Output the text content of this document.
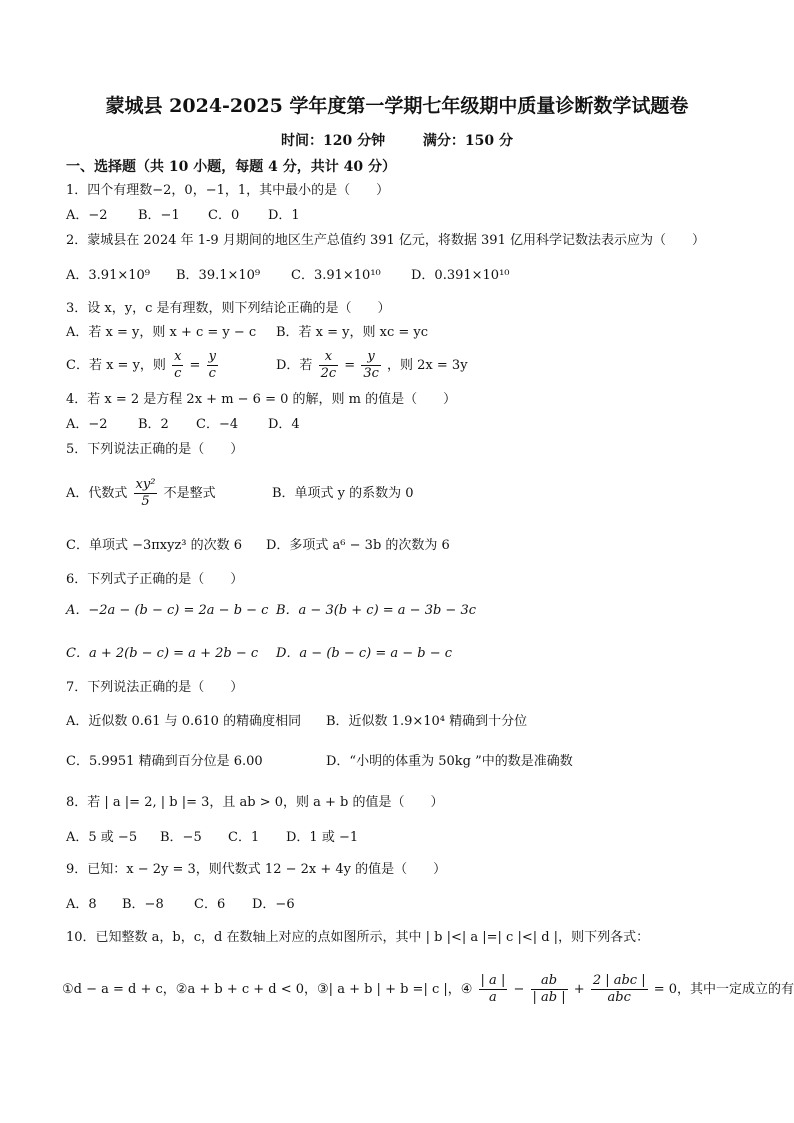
蒙城县 2024-2025 学年度第一学期七年级期中质量诊断数学试题卷
时间：120 分钟	满分：150 分
一、选择题（共 10 小题，每题 4 分，共计 40 分）
1．四个有理数−2，0，−1，1，其中最小的是（　　）
A．−2 B．−1 C．0 D．1
2．蒙城县在 2024 年 1-9 月期间的地区生产总值约 391 亿元，将数据 391 亿用科学记数法表示应为（　　）
A．3.91×10⁹ B．39.1×10⁹ C．3.91×10¹⁰ D．0.391×10¹⁰
3．设 x，y，c 是有理数，则下列结论正确的是（　　）
A．若 x = y，则 x + c = y − c B．若 x = y，则 xc = yc
C．若 x = y，则 $\frac{x}{c} = \frac{y}{c}$	D．若 $\frac{x}{2c} = \frac{y}{3c}$ ，则 2x = 3y
4．若 x = 2 是方程 2x + m − 6 = 0 的解，则 m 的值是（　　）
A．−2 B．2 C．−4 D．4
5．下列说法正确的是（　　）
A．代数式 $\frac{\text{xy²}}{5}$ 不是整式	B．单项式 y 的系数为 0
C．单项式 −3πxyz³ 的次数 6 D．多项式 a⁶ − 3b 的次数为 6
6．下列式子正确的是（　　）
A．−2a − (b − c) = 2a − b − c B．a − 3(b + c) = a − 3b − 3c
C．a + 2(b − c) = a + 2b − c D．a − (b − c) = a − b − c
7．下列说法正确的是（　　）
A．近似数 0.61 与 0.610 的精确度相同 B．近似数 1.9×10⁴ 精确到十分位
C．5.9951 精确到百分位是 6.00	D．“小明的体重为 50kg ”中的数是准确数
8．若 | a |= 2, | b |= 3，且 ab > 0，则 a + b 的值是（　　）
A．5 或 −5 B．−5 C．1 D．1 或 −1
9．已知：x − 2y = 3，则代数式 12 − 2x + 4y 的值是（　　）
A．8 B．−8 C．6 D．−6
10．已知整数 a，b，c，d 在数轴上对应的点如图所示，其中 | b |<| a |=| c |<| d |，则下列各式：
①d − a = d + c，②a + b + c + d < 0，③| a + b | + b =| c |，④ $\frac{| a |}{a} - \frac{ab}{| ab |} + \frac{\text{2 | abc |}}{\text{abc}} = 0$，其中一定成立的有
